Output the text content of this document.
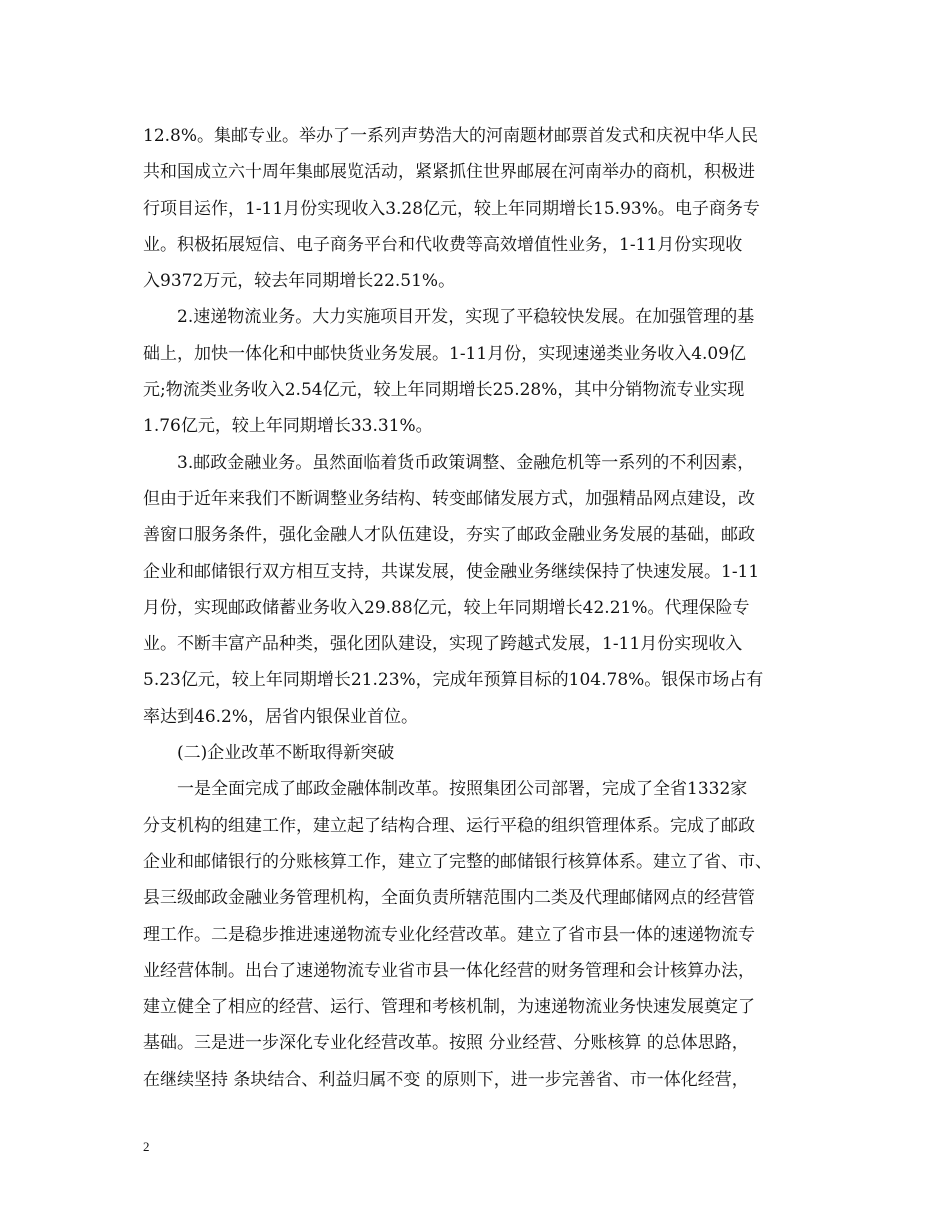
12.8%。集邮专业。举办了一系列声势浩大的河南题材邮票首发式和庆祝中华人民
共和国成立六十周年集邮展览活动，紧紧抓住世界邮展在河南举办的商机，积极进
行项目运作，1-11月份实现收入3.28亿元，较上年同期增长15.93%。电子商务专
业。积极拓展短信、电子商务平台和代收费等高效增值性业务，1-11月份实现收
入9372万元，较去年同期增长22.51%。
2.速递物流业务。大力实施项目开发，实现了平稳较快发展。在加强管理的基
础上，加快一体化和中邮快货业务发展。1-11月份，实现速递类业务收入4.09亿
元;物流类业务收入2.54亿元，较上年同期增长25.28%，其中分销物流专业实现
1.76亿元，较上年同期增长33.31%。
3.邮政金融业务。虽然面临着货币政策调整、金融危机等一系列的不利因素，
但由于近年来我们不断调整业务结构、转变邮储发展方式，加强精品网点建设，改
善窗口服务条件，强化金融人才队伍建设，夯实了邮政金融业务发展的基础，邮政
企业和邮储银行双方相互支持，共谋发展，使金融业务继续保持了快速发展。1-11
月份，实现邮政储蓄业务收入29.88亿元，较上年同期增长42.21%。代理保险专
业。不断丰富产品种类，强化团队建设，实现了跨越式发展，1-11月份实现收入
5.23亿元，较上年同期增长21.23%，完成年预算目标的104.78%。银保市场占有
率达到46.2%，居省内银保业首位。
(二)企业改革不断取得新突破
一是全面完成了邮政金融体制改革。按照集团公司部署，完成了全省1332家
分支机构的组建工作，建立起了结构合理、运行平稳的组织管理体系。完成了邮政
企业和邮储银行的分账核算工作，建立了完整的邮储银行核算体系。建立了省、市、
县三级邮政金融业务管理机构，全面负责所辖范围内二类及代理邮储网点的经营管
理工作。二是稳步推进速递物流专业化经营改革。建立了省市县一体的速递物流专
业经营体制。出台了速递物流专业省市县一体化经营的财务管理和会计核算办法，
建立健全了相应的经营、运行、管理和考核机制，为速递物流业务快速发展奠定了
基础。三是进一步深化专业化经营改革。按照 分业经营、分账核算 的总体思路，
在继续坚持 条块结合、利益归属不变 的原则下，进一步完善省、市一体化经营，
2
